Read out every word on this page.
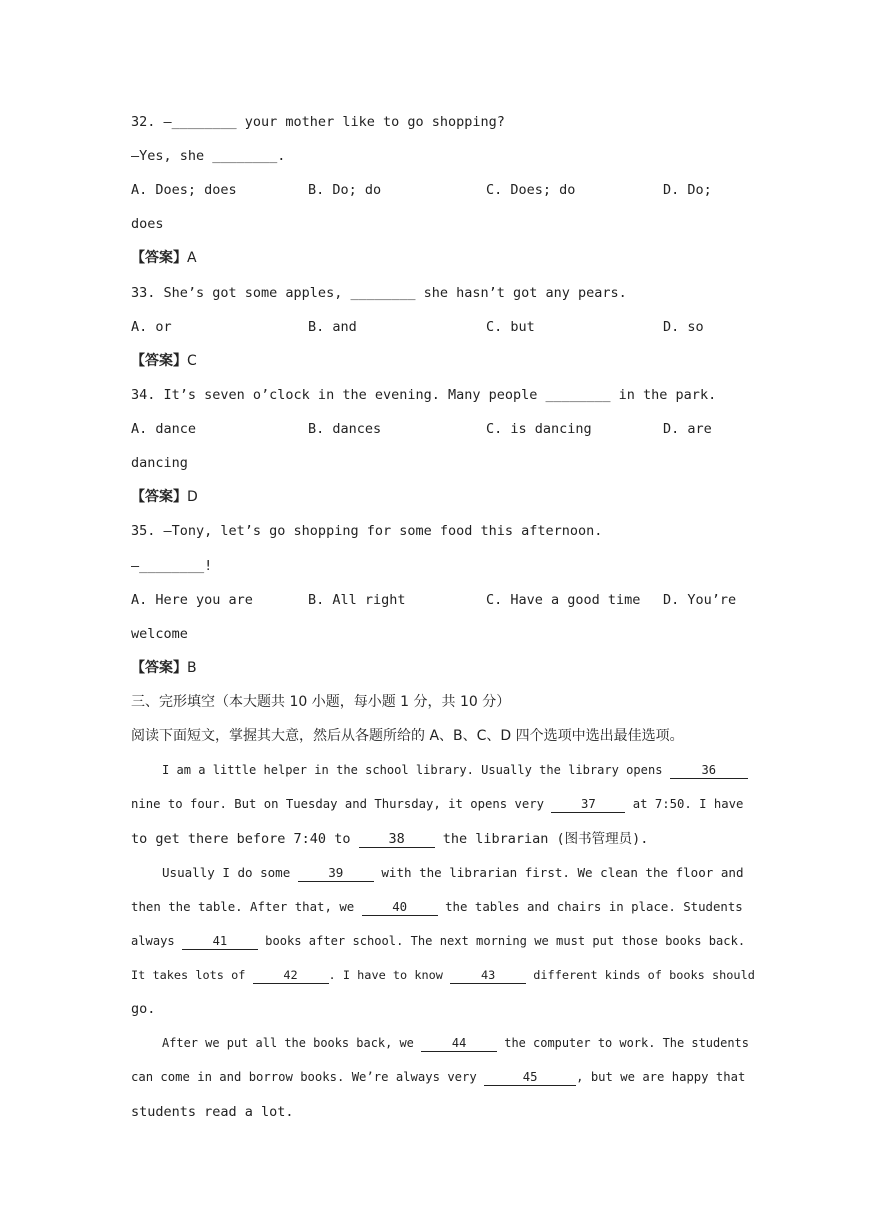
32. —________ your mother like to go shopping?
—Yes, she ________.
A. Does; does	B. Do; do	C. Does; do	D. Do;
does
【答案】A
33. She’s got some apples, ________ she hasn’t got any pears.
A. or	B. and	C. but	D. so
【答案】C
34. It’s seven o’clock in the evening. Many people ________ in the park.
A. dance	B. dances	C. is dancing	D. are
dancing
【答案】D
35. —Tony, let’s go shopping for some food this afternoon.
—________!
A. Here you are	B. All right	C. Have a good time D. You’re
welcome
【答案】B
三、完形填空（本大题共 10 小题，每小题 1 分，共 10 分）
阅读下面短文，掌握其大意，然后从各题所给的 A、B、C、D 四个选项中选出最佳选项。
I am a little helper in the school library. Usually the library opens	36
nine to four. But on Tuesday and Thursday, it opens very 37 at 7:50. I have
to get there before 7:40 to 38 the librarian (图书管理员).
Usually I do some 39 with the librarian first. We clean the floor and
then the table. After that, we 40 the tables and chairs in place. Students
always	41	books after school. The next morning we must put those books back.
It takes lots of	42	. I have to know	43	different kinds of books should
go.
After we put all the books back, we	44	the computer to work. The students
can come in and borrow books. We’re always very	45	, but we are happy that
students read a lot.
